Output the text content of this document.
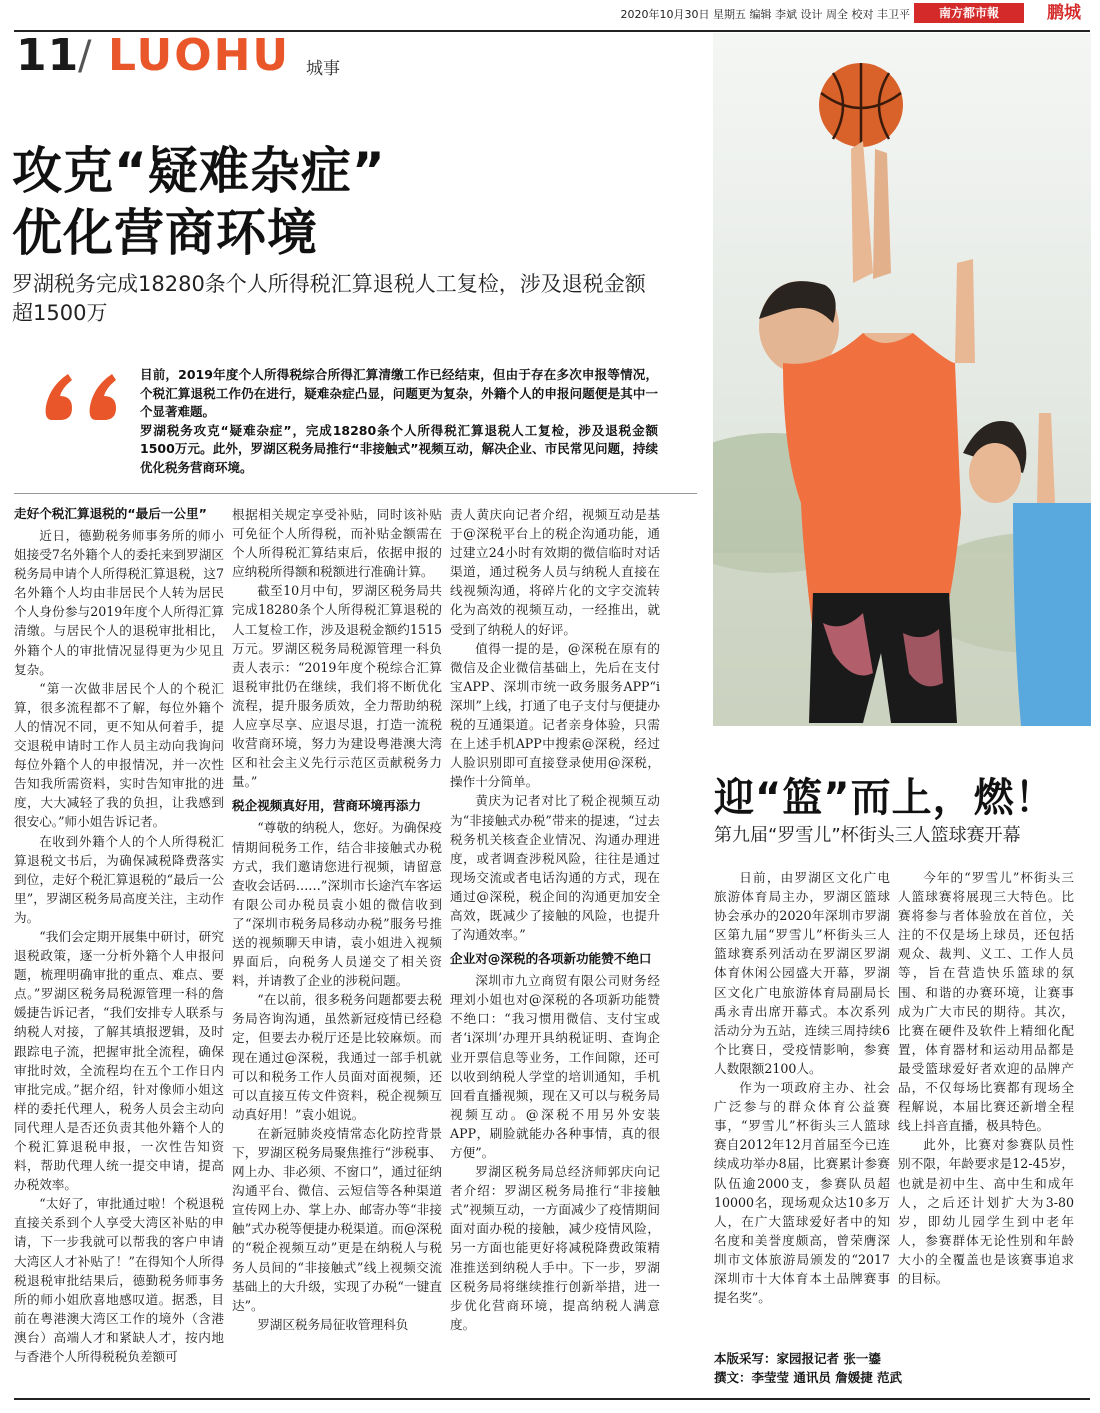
2020年10月30日 星期五 编辑 李斌 设计 周全 校对 丰卫平	南方都市報	鹏城
11
/ LUOHU 城事
攻克“疑难杂症”
优化营商环境
罗湖税务完成18280条个人所得税汇算退税人工复检，涉及退税金额超1500万

目前，2019年度个人所得税综合所得汇算清缴工作已经结束，但由于存在多次申报等情况，个税汇算退税工作仍在进行，疑难杂症凸显，问题更为复杂，外籍个人的申报问题便是其中一个显著难题。

罗湖税务攻克“疑难杂症”，完成18280条个人所得税汇算退税人工复检，涉及退税金额1500万元。此外，罗湖区税务局推行“非接触式”视频互动，解决企业、市民常见问题，持续优化税务营商环境。

走好个税汇算退税的“最后一公里”

近日，德勤税务师事务所的师小姐接受7名外籍个人的委托来到罗湖区税务局申请个人所得税汇算退税，这7名外籍个人均由非居民个人转为居民个人身份参与2019年度个人所得汇算清缴。与居民个人的退税审批相比，外籍个人的审批情况显得更为少见且复杂。

“第一次做非居民个人的个税汇算，很多流程都不了解，每位外籍个人的情况不同，更不知从何着手，提交退税申请时工作人员主动向我询问每位外籍个人的申报情况，并一次性告知我所需资料，实时告知审批的进度，大大减轻了我的负担，让我感到很安心。”师小姐告诉记者。

在收到外籍个人的个人所得税汇算退税文书后，为确保减税降费落实到位，走好个税汇算退税的“最后一公里”，罗湖区税务局高度关注，主动作为。

“我们会定期开展集中研讨，研究退税政策，逐一分析外籍个人申报问题，梳理明确审批的重点、难点、要点。”罗湖区税务局税源管理一科的詹媛捷告诉记者，“我们安排专人联系与纳税人对接，了解其填报逻辑，及时跟踪电子流，把握审批全流程，确保审批时效，全流程均在五个工作日内审批完成。”据介绍，针对像师小姐这样的委托代理人，税务人员会主动向同代理人是否还负责其他外籍个人的个税汇算退税申报，一次性告知资料，帮助代理人统一提交申请，提高办税效率。

“太好了，审批通过啦！个税退税直接关系到个人享受大湾区补贴的申请，下一步我就可以帮我的客户申请大湾区人才补贴了！”在得知个人所得税退税审批结果后，德勤税务师事务所的师小姐欣喜地感叹道。据悉，目前在粤港澳大湾区工作的境外（含港澳台）高端人才和紧缺人才，按内地与香港个人所得税税负差额可

根据相关规定享受补贴，同时该补贴可免征个人所得税，而补贴金额需在个人所得税汇算结束后，依据申报的应纳税所得额和税额进行准确计算。

截至10月中旬，罗湖区税务局共完成18280条个人所得税汇算退税的人工复检工作，涉及退税金额约1515万元。罗湖区税务局税源管理一科负责人表示：“2019年度个税综合汇算退税审批仍在继续，我们将不断优化流程，提升服务质效，全力帮助纳税人应享尽享、应退尽退，打造一流税收营商环境，努力为建设粤港澳大湾区和社会主义先行示范区贡献税务力量。”

税企视频真好用，营商环境再添力

“尊敬的纳税人，您好。为确保疫情期间税务工作，结合非接触式办税方式，我们邀请您进行视频，请留意查收会话码……”深圳市长途汽车客运有限公司办税员袁小姐的微信收到了“深圳市税务局移动办税”服务号推送的视频聊天申请，袁小姐进入视频界面后，向税务人员递交了相关资料，并请教了企业的涉税问题。

“在以前，很多税务问题都要去税务局咨询沟通，虽然新冠疫情已经稳定，但要去办税厅还是比较麻烦。而现在通过@深税，我通过一部手机就可以和税务工作人员面对面视频，还可以直接互传文件资料，税企视频互动真好用！”袁小姐说。

在新冠肺炎疫情常态化防控背景下，罗湖区税务局聚焦推行“涉税事、网上办、非必须、不窗口”，通过征纳沟通平台、微信、云短信等各种渠道宣传网上办、掌上办、邮寄办等“非接触”式办税等便捷办税渠道。而@深税的“税企视频互动”更是在纳税人与税务人员间的“非接触式”线上视频交流基础上的大升级，实现了办税“一键直达”。

罗湖区税务局征收管理科负

责人黄庆向记者介绍，视频互动是基于@深税平台上的税企沟通功能，通过建立24小时有效期的微信临时对话渠道，通过税务人员与纳税人直接在线视频沟通，将碎片化的文字交流转化为高效的视频互动，一经推出，就受到了纳税人的好评。

值得一提的是，@深税在原有的微信及企业微信基础上，先后在支付宝APP、深圳市统一政务服务APP“i深圳”上线，打通了电子支付与便捷办税的互通渠道。记者亲身体验，只需在上述手机APP中搜索@深税，经过人脸识别即可直接登录使用@深税，操作十分简单。

黄庆为记者对比了税企视频互动为“非接触式办税”带来的提速，“过去税务机关核查企业情况、沟通办理进度，或者调查涉税风险，往往是通过现场交流或者电话沟通的方式，现在通过@深税，税企间的沟通更加安全高效，既减少了接触的风险，也提升了沟通效率。”

企业对@深税的各项新功能赞不绝口

深圳市九立商贸有限公司财务经理刘小姐也对@深税的各项新功能赞不绝口：“我习惯用微信、支付宝或者‘i深圳’办理开具纳税证明、查询企业开票信息等业务，工作间隙，还可以收到纳税人学堂的培训通知，手机回看直播视频，现在又可以与税务局视频互动。@深税不用另外安装APP，刷脸就能办各种事情，真的很方便”。

罗湖区税务局总经济师郭庆向记者介绍：罗湖区税务局推行“非接触式”视频互动，一方面减少了疫情期间面对面办税的接触，减少疫情风险，另一方面也能更好将减税降费政策精准推送到纳税人手中。下一步，罗湖区税务局将继续推行创新举措，进一步优化营商环境，提高纳税人满意度。

迎“篮”而上，燃！
第九届“罗雪儿”杯街头三人篮球赛开幕

日前，由罗湖区文化广电旅游体育局主办，罗湖区篮球协会承办的2020年深圳市罗湖区第九届“罗雪儿”杯街头三人篮球赛系列活动在罗湖区罗湖体育休闲公园盛大开幕，罗湖区文化广电旅游体育局副局长禹永青出席开幕式。本次系列活动分为五站，连续三周持续6个比赛日，受疫情影响，参赛人数限额2100人。

作为一项政府主办、社会广泛参与的群众体育公益赛事，“罗雪儿”杯街头三人篮球赛自2012年12月首届至今已连续成功举办8届，比赛累计参赛队伍逾2000支，参赛队员超10000名，现场观众达10多万人，在广大篮球爱好者中的知名度和美誉度颇高，曾荣膺深圳市文体旅游局颁发的“2017深圳市十大体育本土品牌赛事提名奖”。

今年的“罗雪儿”杯街头三人篮球赛将展现三大特色。比赛将参与者体验放在首位，关注的不仅是场上球员，还包括观众、裁判、义工、工作人员等，旨在营造快乐篮球的氛围、和谐的办赛环境，让赛事成为广大市民的期待。其次，比赛在硬件及软件上精细化配置，体育器材和运动用品都是最受篮球爱好者欢迎的品牌产品，不仅每场比赛都有现场全程解说，本届比赛还新增全程线上抖音直播，极具特色。

此外，比赛对参赛队员性别不限，年龄要求是12-45岁，也就是初中生、高中生和成年人，之后还计划扩大为3-80岁，即幼儿园学生到中老年人，参赛群体无论性别和年龄大小的全覆盖也是该赛事追求的目标。

本版采写：家园报记者 张一鎏
撰文：李莹莹 通讯员 詹媛捷 范武
